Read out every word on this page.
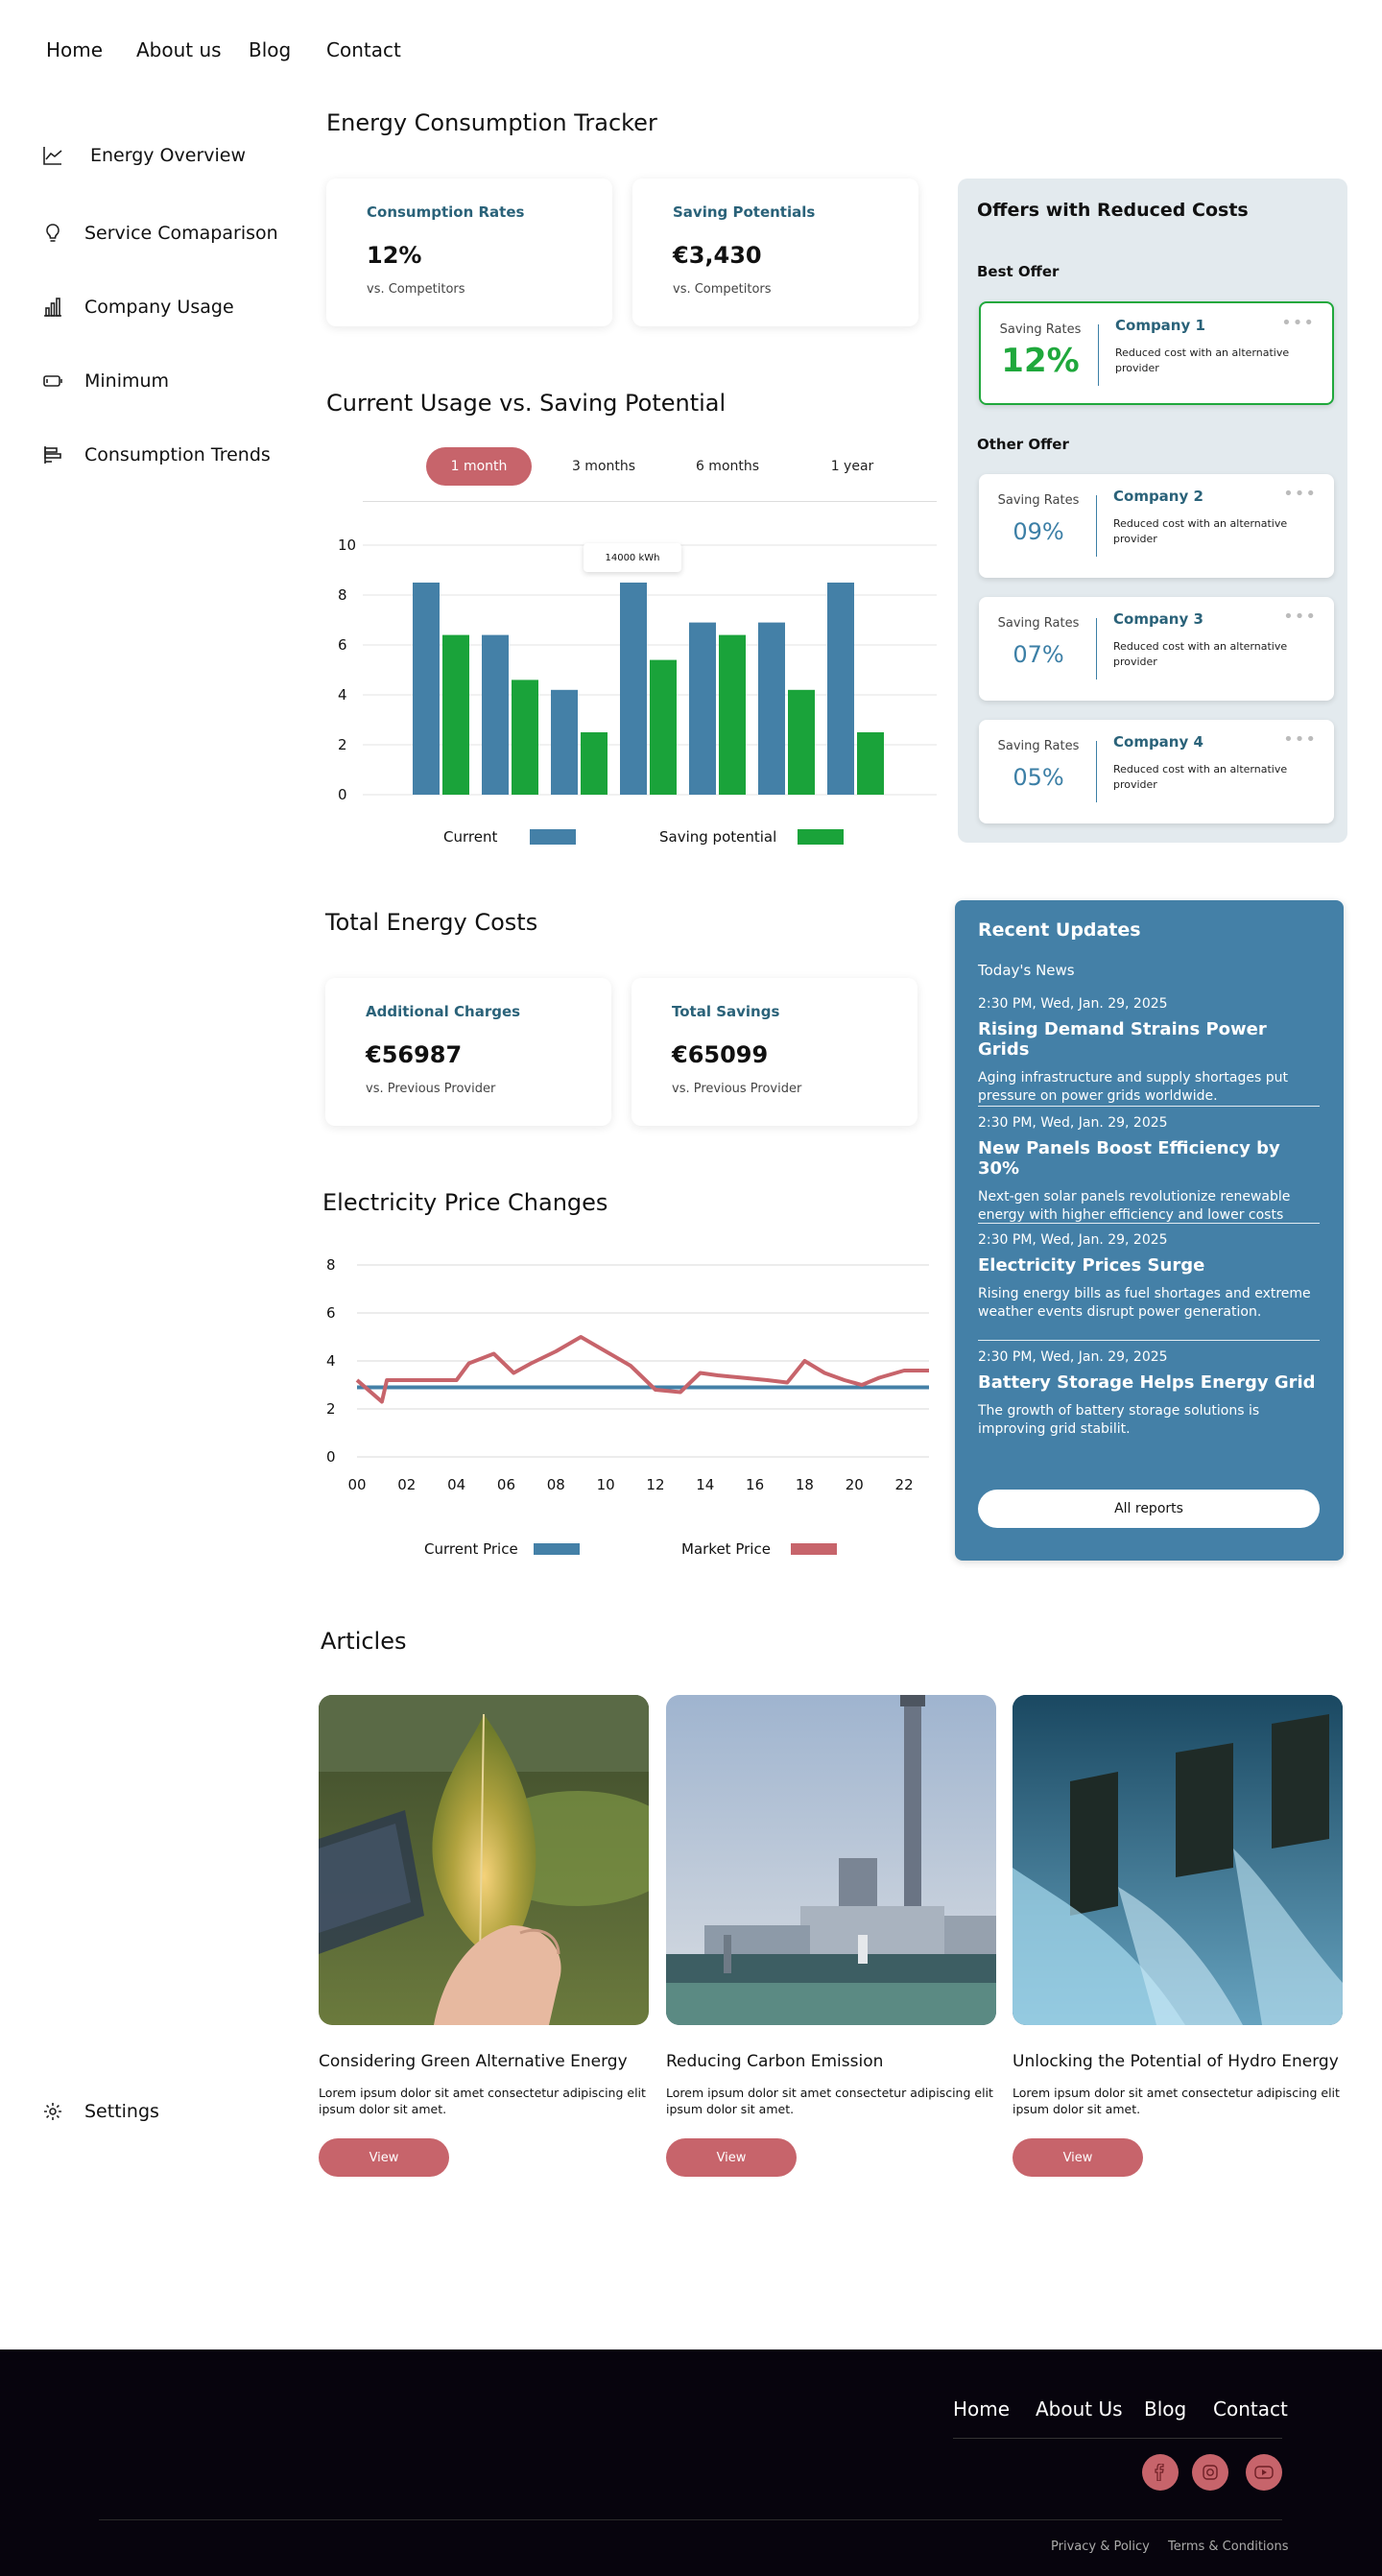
Home About us Blog Contact
Energy Overview
Service Comaparison
Company Usage
Minimum
Consumption Trends
Settings
Energy Consumption Tracker
Consumption Rates
12%
vs. Competitors
Saving Potentials
€3,430
vs. Competitors
Current Usage vs. Saving Potential
1 month	3 months	6 months	1 year
0
2
4
6
8
10
Current	Saving potential
14000 kWh
Offers with Reduced Costs
Best Offer
Saving Rates
12%
Company 1
Reduced cost with an alternative provider
•••
Other Offer
Saving Rates
09%
Company 2
Reduced cost with an alternative provider
•••
Saving Rates
07%
Company 3
Reduced cost with an alternative provider
•••
Saving Rates
05%
Company 4
Reduced cost with an alternative provider
•••
Total Energy Costs
Additional Charges
€56987
vs. Previous Provider
Total Savings
€65099
vs. Previous Provider
Electricity Price Changes
0
2
4
6
8
00 02 04 06 08 10 12 14 16 18 20 22
Current Price	Market Price
Recent Updates
Today's News
2:30 PM, Wed, Jan. 29, 2025
Rising Demand Strains Power Grids
Aging infrastructure and supply shortages put pressure on power grids worldwide.
2:30 PM, Wed, Jan. 29, 2025
New Panels Boost Efficiency by 30%
Next-gen solar panels revolutionize renewable energy with higher efficiency and lower costs
2:30 PM, Wed, Jan. 29, 2025
Electricity Prices Surge
Rising energy bills as fuel shortages and extreme weather events disrupt power generation.
2:30 PM, Wed, Jan. 29, 2025
Battery Storage Helps Energy Grid
The growth of battery storage solutions is improving grid stabilit.
All reports
Articles
Considering Green Alternative Energy
Lorem ipsum dolor sit amet consectetur adipiscing elit ipsum dolor sit amet.
View
Reducing Carbon Emission
Lorem ipsum dolor sit amet consectetur adipiscing elit ipsum dolor sit amet.
View
Unlocking the Potential of Hydro Energy
Lorem ipsum dolor sit amet consectetur adipiscing elit ipsum dolor sit amet.
View
Home About Us Blog Contact
Privacy & Policy Terms & Conditions
